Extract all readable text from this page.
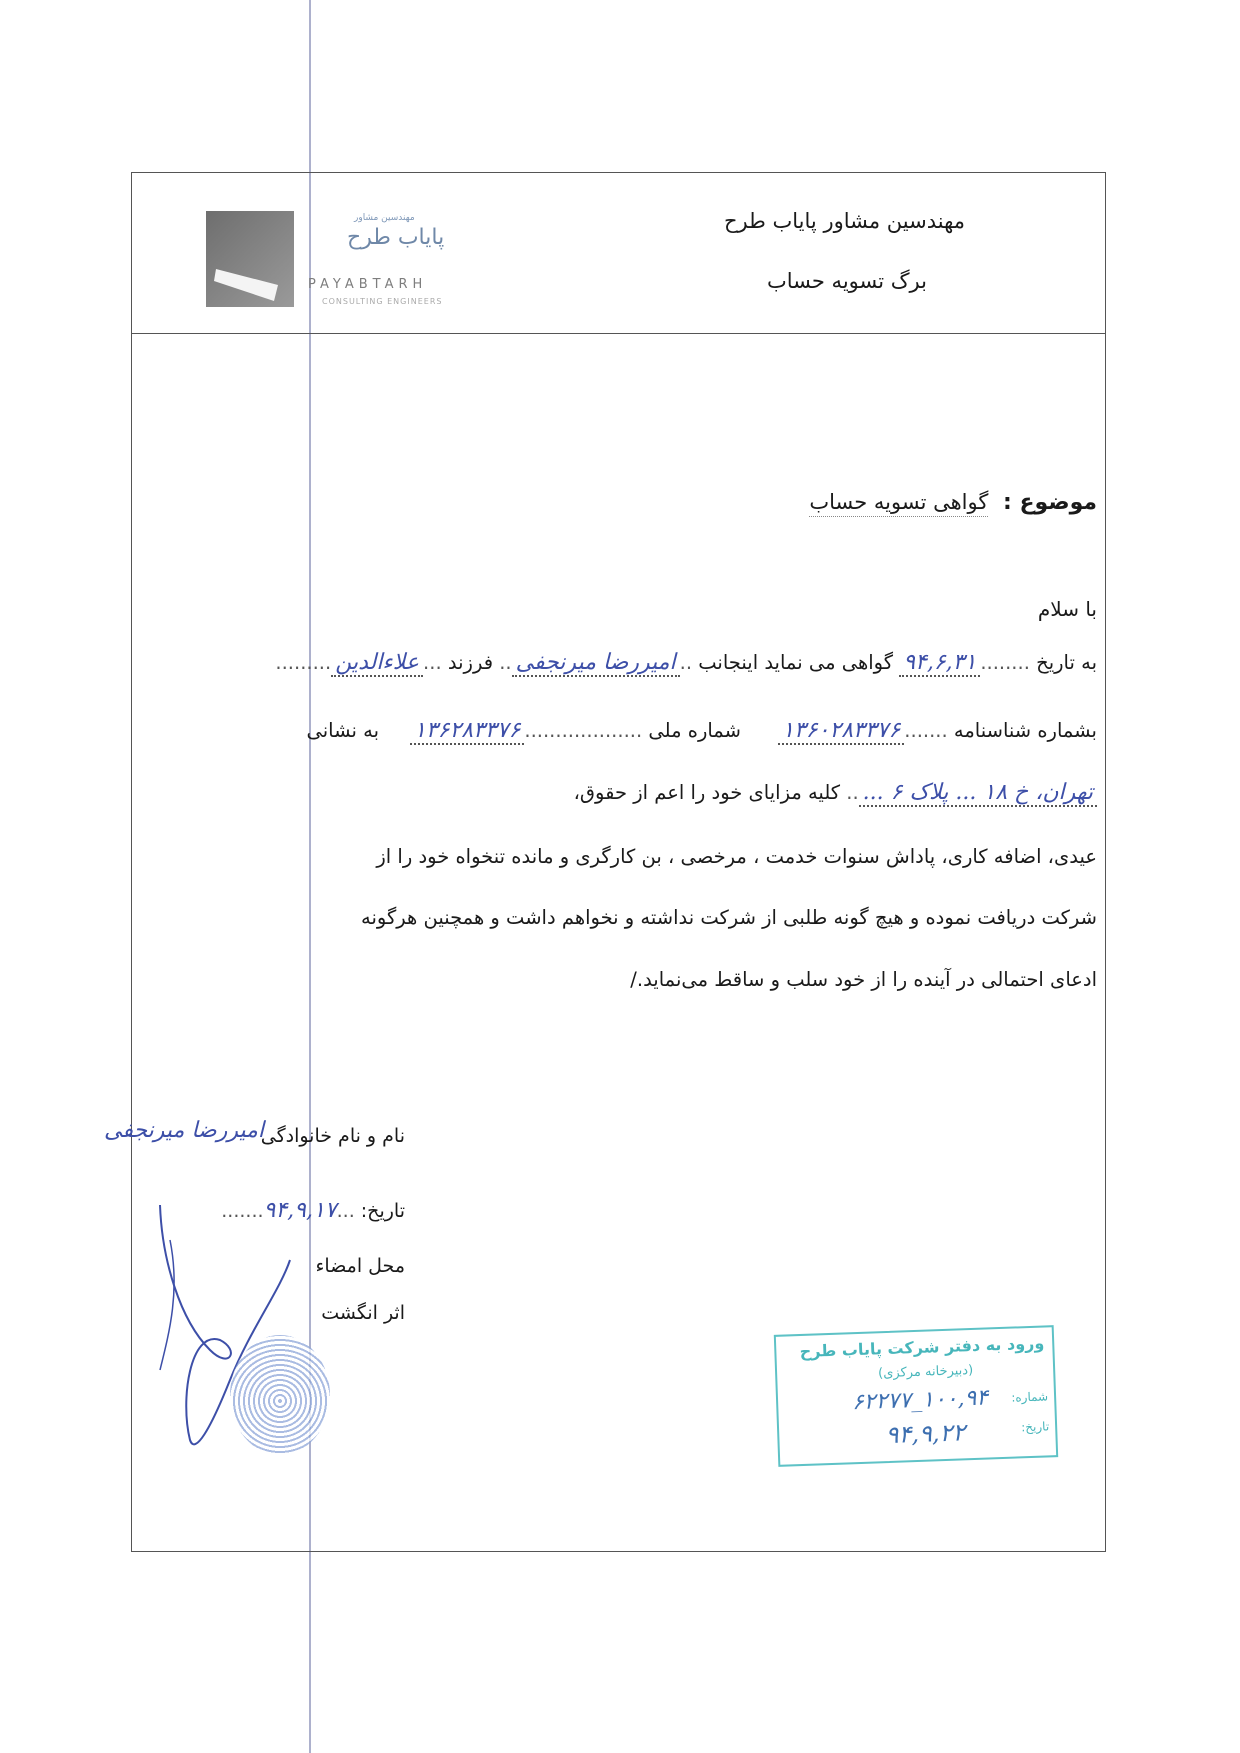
مهندسین مشاور
پایاب طرح
PAYABTARH
CONSULTING ENGINEERS
مهندسین مشاور پایاب طرح
برگ تسویه حساب
موضوع : گواهی تسویه حساب
با سلام
به تاریخ ........۹۴,۶,۳۱ گواهی می نماید اینجانب ..امیررضا میرنجفی.. فرزند ...علاءالدین.........
بشماره شناسنامه .......۱۳۶۰۲۸۳۳۷۶      شماره ملی ...................۱۳۶۲۸۳۳۷۶     به نشانی
تهران، خ ۱۸ ... پلاک ۶ ..... کلیه مزایای خود را اعم از حقوق،
عیدی، اضافه کاری، پاداش سنوات خدمت ، مرخصی ، بن کارگری و مانده تنخواه خود را از
شرکت دریافت نموده و هیچ گونه طلبی از شرکت نداشته و نخواهم داشت و همچنین هرگونه
ادعای احتمالی در آینده را از خود سلب و ساقط می‌نماید./
نام و نام خانوادگی
امیررضا میرنجفی
تاریخ: ...۹۴,۹,۱۷.......
محل امضاء
اثر انگشت
ورود به دفتر شرکت پایاب طرح
(دبیرخانه مرکزی)
شماره:
۱۰۰,۹۴_۶۲۲۷۷
تاریخ:
۹۴,۹,۲۲
